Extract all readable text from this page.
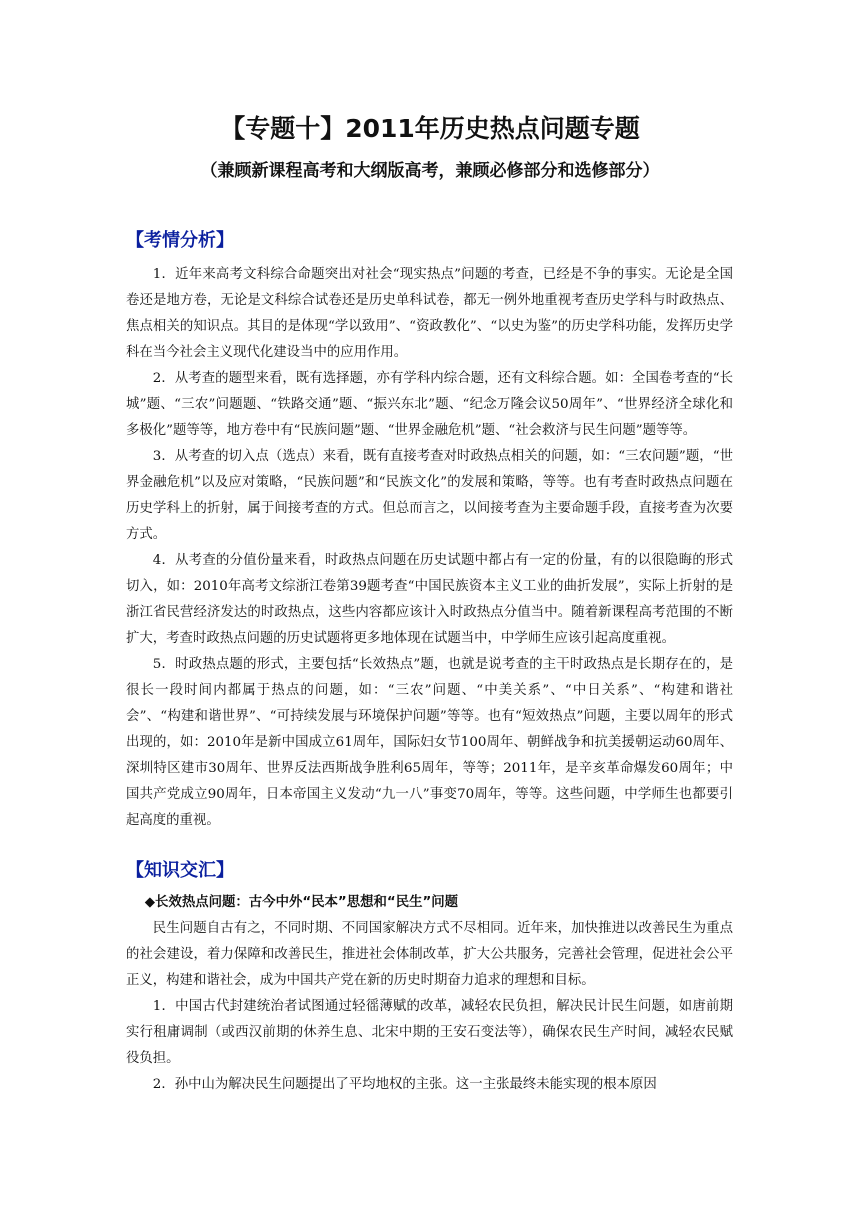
【专题十】2011年历史热点问题专题
（兼顾新课程高考和大纲版高考，兼顾必修部分和选修部分）
【考情分析】

1．近年来高考文科综合命题突出对社会“现实热点”问题的考查，已经是不争的事实。无论是全国卷还是地方卷，无论是文科综合试卷还是历史单科试卷，都无一例外地重视考查历史学科与时政热点、焦点相关的知识点。其目的是体现“学以致用”、“资政教化”、“以史为鉴”的历史学科功能，发挥历史学科在当今社会主义现代化建设当中的应用作用。

2．从考查的题型来看，既有选择题，亦有学科内综合题，还有文科综合题。如：全国卷考查的“长城”题、“三农”问题题、“铁路交通”题、“振兴东北”题、“纪念万隆会议50周年”、“世界经济全球化和多极化”题等等，地方卷中有“民族问题”题、“世界金融危机”题、“社会救济与民生问题”题等等。

3．从考查的切入点（选点）来看，既有直接考查对时政热点相关的问题，如：“三农问题”题，“世界金融危机”以及应对策略，“民族问题”和“民族文化”的发展和策略，等等。也有考查时政热点问题在历史学科上的折射，属于间接考查的方式。但总而言之，以间接考查为主要命题手段，直接考查为次要方式。

4．从考查的分值份量来看，时政热点问题在历史试题中都占有一定的份量，有的以很隐晦的形式切入，如：2010年高考文综浙江卷第39题考查“中国民族资本主义工业的曲折发展”，实际上折射的是浙江省民营经济发达的时政热点，这些内容都应该计入时政热点分值当中。随着新课程高考范围的不断扩大，考查时政热点问题的历史试题将更多地体现在试题当中，中学师生应该引起高度重视。

5．时政热点题的形式，主要包括“长效热点”题，也就是说考查的主干时政热点是长期存在的，是很长一段时间内都属于热点的问题，如：“三农”问题、“中美关系”、“中日关系”、“构建和谐社会”、“构建和谐世界”、“可持续发展与环境保护问题”等等。也有“短效热点”问题，主要以周年的形式出现的，如：2010年是新中国成立61周年，国际妇女节100周年、朝鲜战争和抗美援朝运动60周年、深圳特区建市30周年、世界反法西斯战争胜利65周年，等等；2011年，是辛亥革命爆发60周年；中国共产党成立90周年，日本帝国主义发动“九一八”事变70周年，等等。这些问题，中学师生也都要引起高度的重视。

【知识交汇】
◆长效热点问题：古今中外“民本”思想和“民生”问题

民生问题自古有之，不同时期、不同国家解决方式不尽相同。近年来，加快推进以改善民生为重点的社会建设，着力保障和改善民生，推进社会体制改革，扩大公共服务，完善社会管理，促进社会公平正义，构建和谐社会，成为中国共产党在新的历史时期奋力追求的理想和目标。

1．中国古代封建统治者试图通过轻徭薄赋的改革，减轻农民负担，解决民计民生问题，如唐前期实行租庸调制（或西汉前期的休养生息、北宋中期的王安石变法等），确保农民生产时间，减轻农民赋役负担。

2．孙中山为解决民生问题提出了平均地权的主张。这一主张最终未能实现的根本原因
